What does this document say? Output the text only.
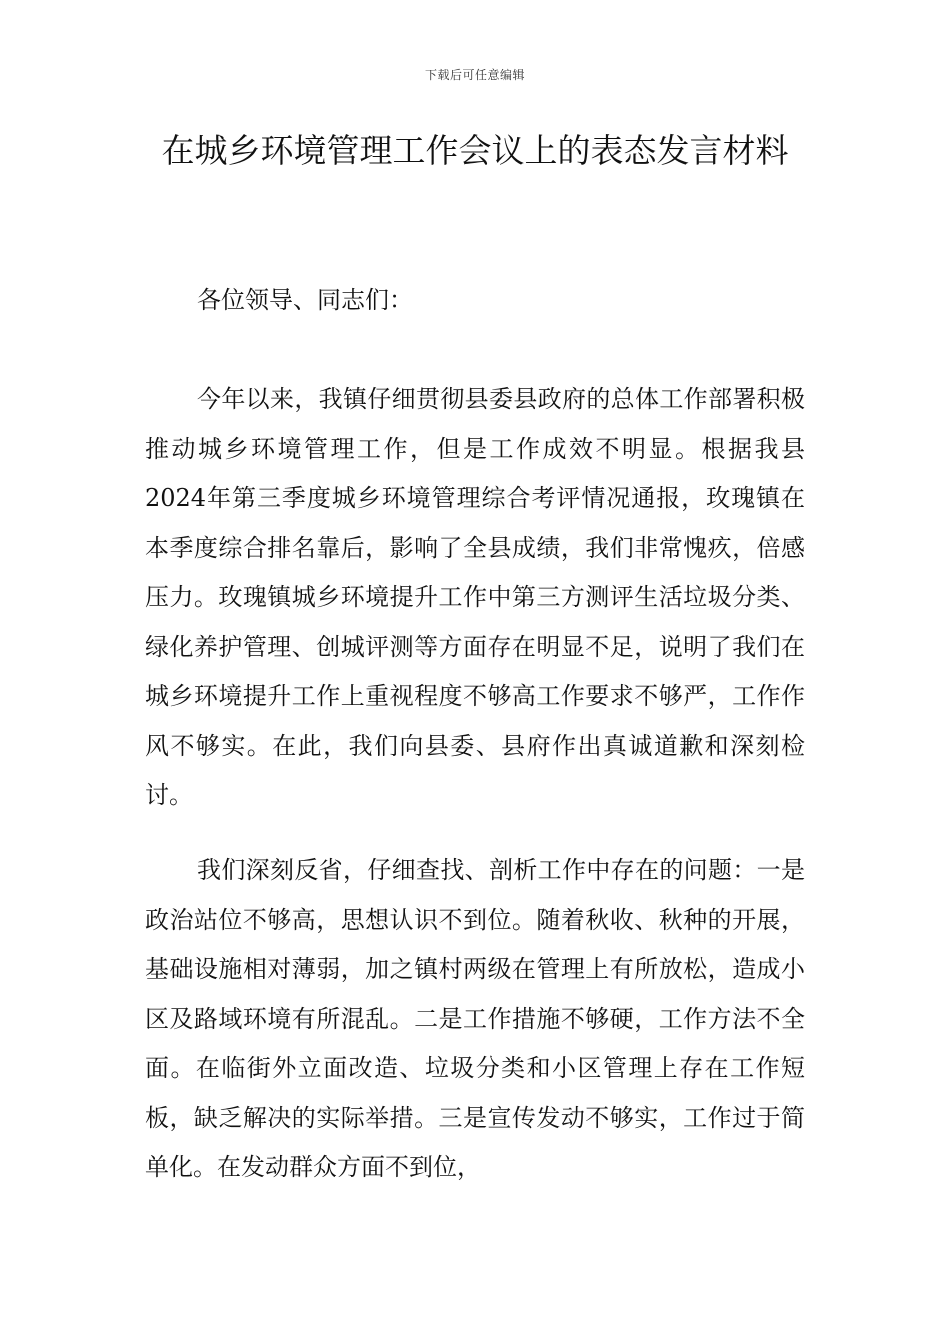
下载后可任意编辑
在城乡环境管理工作会议上的表态发言材料

各位领导、同志们：

今年以来，我镇仔细贯彻县委县政府的总体工作部署积极推动城乡环境管理工作，但是工作成效不明显。根据我县2024年第三季度城乡环境管理综合考评情况通报，玫瑰镇在本季度综合排名靠后，影响了全县成绩，我们非常愧疚，倍感压力。玫瑰镇城乡环境提升工作中第三方测评生活垃圾分类、绿化养护管理、创城评测等方面存在明显不足，说明了我们在城乡环境提升工作上重视程度不够高工作要求不够严，工作作风不够实。在此，我们向县委、县府作出真诚道歉和深刻检讨。

我们深刻反省，仔细查找、剖析工作中存在的问题：一是政治站位不够高，思想认识不到位。随着秋收、秋种的开展，基础设施相对薄弱，加之镇村两级在管理上有所放松，造成小区及路域环境有所混乱。二是工作措施不够硬，工作方法不全面。在临街外立面改造、垃圾分类和小区管理上存在工作短板，缺乏解决的实际举措。三是宣传发动不够实，工作过于简单化。在发动群众方面不到位，
